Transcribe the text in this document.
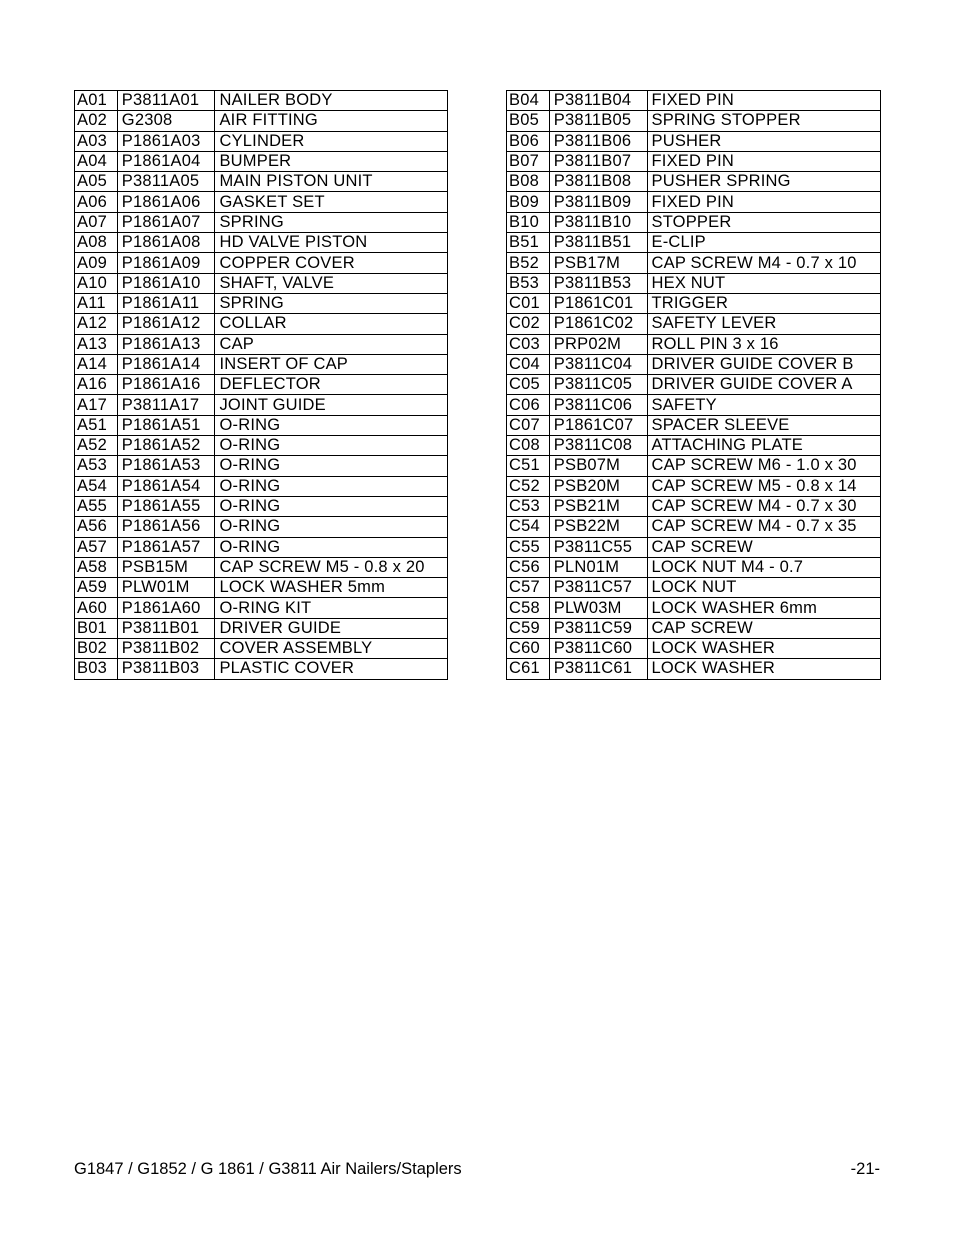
A01	P3811A01	NAILER BODY
A02	G2308	AIR FITTING
A03	P1861A03	CYLINDER
A04	P1861A04	BUMPER
A05	P3811A05	MAIN PISTON UNIT
A06	P1861A06	GASKET SET
A07	P1861A07	SPRING
A08	P1861A08	HD VALVE PISTON
A09	P1861A09	COPPER COVER
A10	P1861A10	SHAFT, VALVE
A11	P1861A11	SPRING
A12	P1861A12	COLLAR
A13	P1861A13	CAP
A14	P1861A14	INSERT OF CAP
A16	P1861A16	DEFLECTOR
A17	P3811A17	JOINT GUIDE
A51	P1861A51	O-RING
A52	P1861A52	O-RING
A53	P1861A53	O-RING
A54	P1861A54	O-RING
A55	P1861A55	O-RING
A56	P1861A56	O-RING
A57	P1861A57	O-RING
A58	PSB15M	CAP SCREW M5 - 0.8 x 20
A59	PLW01M	LOCK WASHER 5mm
A60	P1861A60	O-RING KIT
B01	P3811B01	DRIVER GUIDE
B02	P3811B02	COVER ASSEMBLY
B03	P3811B03	PLASTIC COVER
B04	P3811B04	FIXED PIN
B05	P3811B05	SPRING STOPPER
B06	P3811B06	PUSHER
B07	P3811B07	FIXED PIN
B08	P3811B08	PUSHER SPRING
B09	P3811B09	FIXED PIN
B10	P3811B10	STOPPER
B51	P3811B51	E-CLIP
B52	PSB17M	CAP SCREW M4 - 0.7 x 10
B53	P3811B53	HEX NUT
C01	P1861C01	TRIGGER
C02	P1861C02	SAFETY LEVER
C03	PRP02M	ROLL PIN 3 x 16
C04	P3811C04	DRIVER GUIDE COVER B
C05	P3811C05	DRIVER GUIDE COVER A
C06	P3811C06	SAFETY
C07	P1861C07	SPACER SLEEVE
C08	P3811C08	ATTACHING PLATE
C51	PSB07M	CAP SCREW M6 - 1.0 x 30
C52	PSB20M	CAP SCREW M5 - 0.8 x 14
C53	PSB21M	CAP SCREW M4 - 0.7 x 30
C54	PSB22M	CAP SCREW M4 - 0.7 x 35
C55	P3811C55	CAP SCREW
C56	PLN01M	LOCK NUT M4 - 0.7
C57	P3811C57	LOCK NUT
C58	PLW03M	LOCK WASHER 6mm
C59	P3811C59	CAP SCREW
C60	P3811C60	LOCK WASHER
C61	P3811C61	LOCK WASHER
G1847 / G1852 / G 1861 / G3811 Air Nailers/Staplers	-21-
